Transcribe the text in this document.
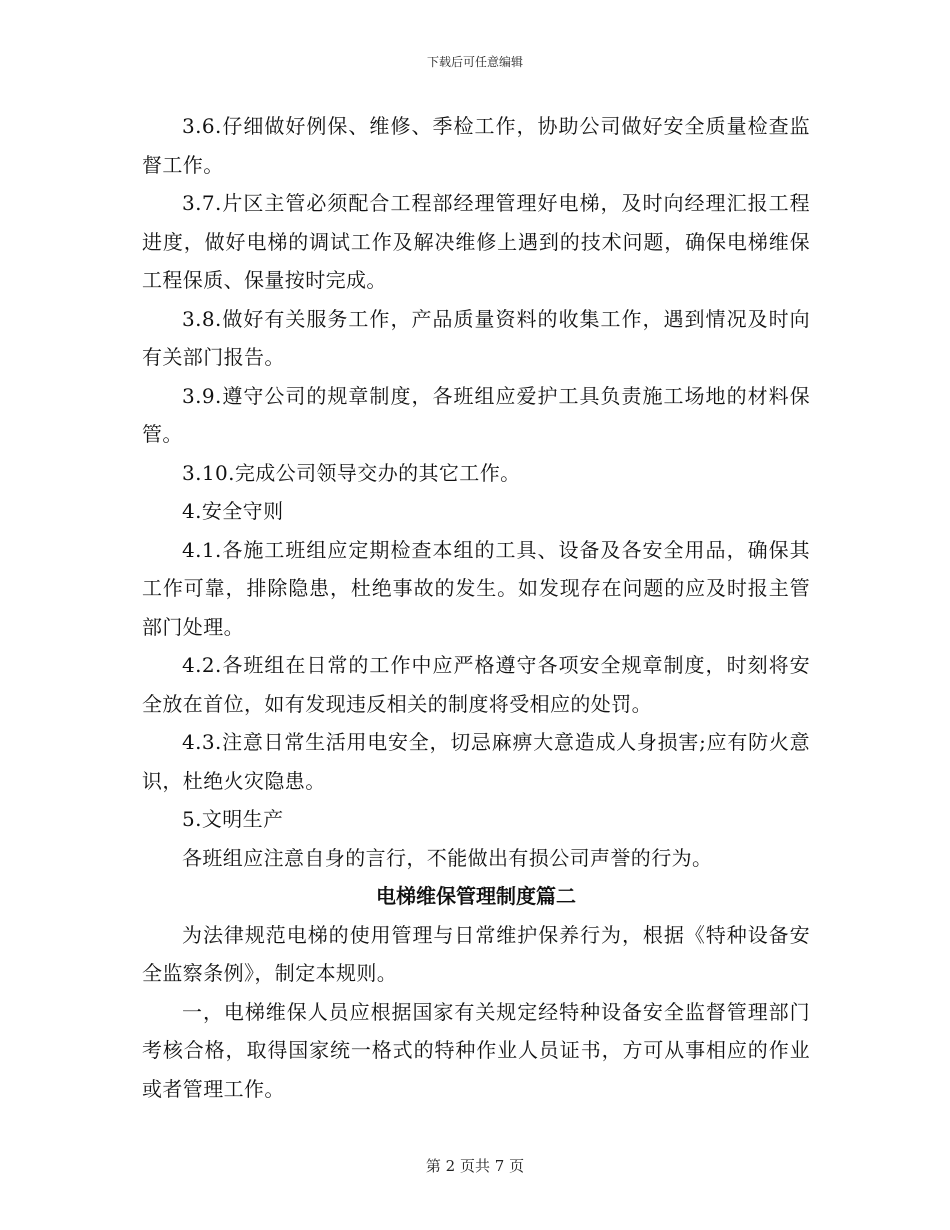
下载后可任意编辑

3.6.仔细做好例保、维修、季检工作，协助公司做好安全质量检查监督工作。

3.7.片区主管必须配合工程部经理管理好电梯，及时向经理汇报工程进度，做好电梯的调试工作及解决维修上遇到的技术问题，确保电梯维保工程保质、保量按时完成。

3.8.做好有关服务工作，产品质量资料的收集工作，遇到情况及时向有关部门报告。

3.9.遵守公司的规章制度，各班组应爱护工具负责施工场地的材料保管。

3.10.完成公司领导交办的其它工作。

4.安全守则

4.1.各施工班组应定期检查本组的工具、设备及各安全用品，确保其工作可靠，排除隐患，杜绝事故的发生。如发现存在问题的应及时报主管部门处理。

4.2.各班组在日常的工作中应严格遵守各项安全规章制度，时刻将安全放在首位，如有发现违反相关的制度将受相应的处罚。

4.3.注意日常生活用电安全，切忌麻痹大意造成人身损害;应有防火意识，杜绝火灾隐患。

5.文明生产

各班组应注意自身的言行，不能做出有损公司声誉的行为。

电梯维保管理制度篇二

为法律规范电梯的使用管理与日常维护保养行为，根据《特种设备安全监察条例》，制定本规则。

一，电梯维保人员应根据国家有关规定经特种设备安全监督管理部门考核合格，取得国家统一格式的特种作业人员证书，方可从事相应的作业或者管理工作。

第 2 页共 7 页
